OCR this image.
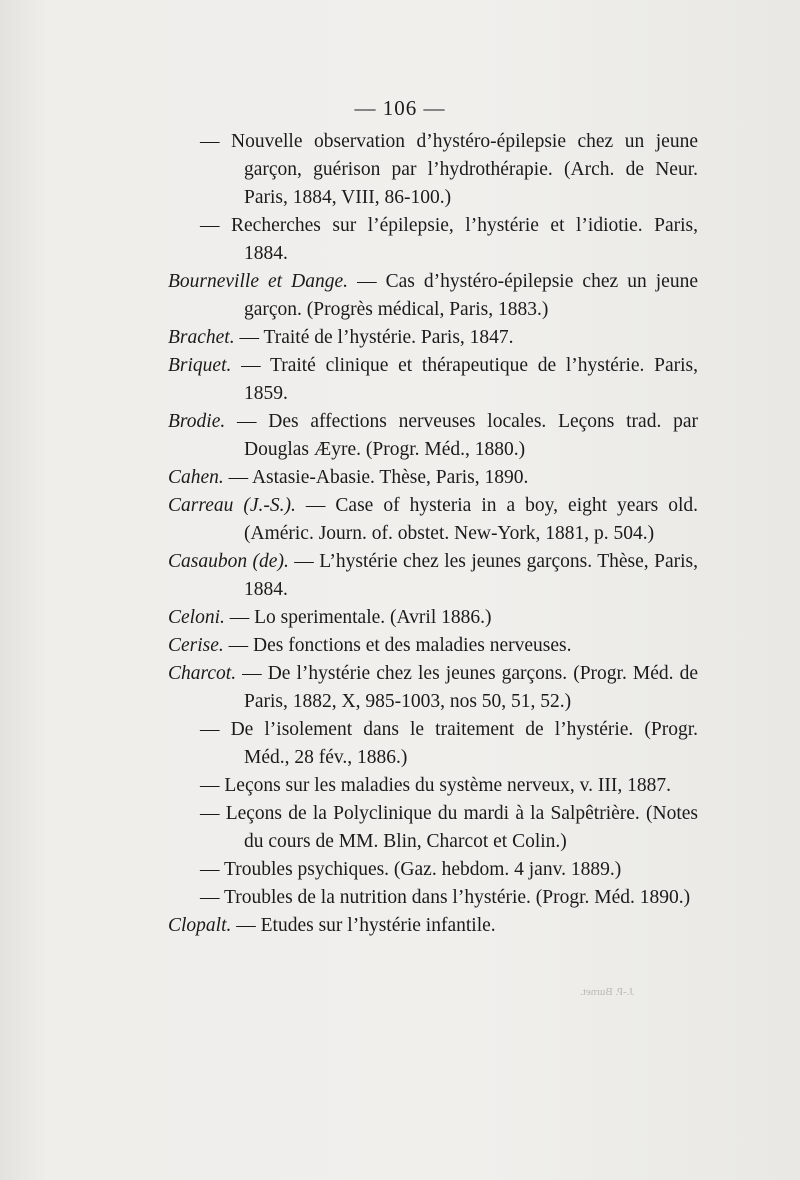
— 106 —

— Nouvelle observation d’hystéro-épilepsie chez un jeune garçon, guérison par l’hydrothérapie. (Arch. de Neur. Paris, 1884, VIII, 86-100.)

— Recherches sur l’épilepsie, l’hystérie et l’idiotie. Paris, 1884.

Bourneville et Dange. — Cas d’hystéro-épilepsie chez un jeune garçon. (Progrès médical, Paris, 1883.)

Brachet. — Traité de l’hystérie. Paris, 1847.

Briquet. — Traité clinique et thérapeutique de l’hystérie. Paris, 1859.

Brodie. — Des affections nerveuses locales. Leçons trad. par Douglas Æyre. (Progr. Méd., 1880.)

Cahen. — Astasie-Abasie. Thèse, Paris, 1890.

Carreau (J.-S.). — Case of hysteria in a boy, eight years old. (Améric. Journ. of. obstet. New-York, 1881, p. 504.)

Casaubon (de). — L’hystérie chez les jeunes garçons. Thèse, Paris, 1884.

Celoni. — Lo sperimentale. (Avril 1886.)

Cerise. — Des fonctions et des maladies nerveuses.

Charcot. — De l’hystérie chez les jeunes garçons. (Progr. Méd. de Paris, 1882, X, 985-1003, nos 50, 51, 52.)

— De l’isolement dans le traitement de l’hystérie. (Progr. Méd., 28 fév., 1886.)

— Leçons sur les maladies du système nerveux, v. III, 1887.

— Leçons de la Polyclinique du mardi à la Salpêtrière. (Notes du cours de MM. Blin, Charcot et Colin.)

— Troubles psychiques. (Gaz. hebdom. 4 janv. 1889.)

— Troubles de la nutrition dans l’hystérie. (Progr. Méd. 1890.)

Clopalt. — Etudes sur l’hystérie infantile.

J.-P. Burnet.
